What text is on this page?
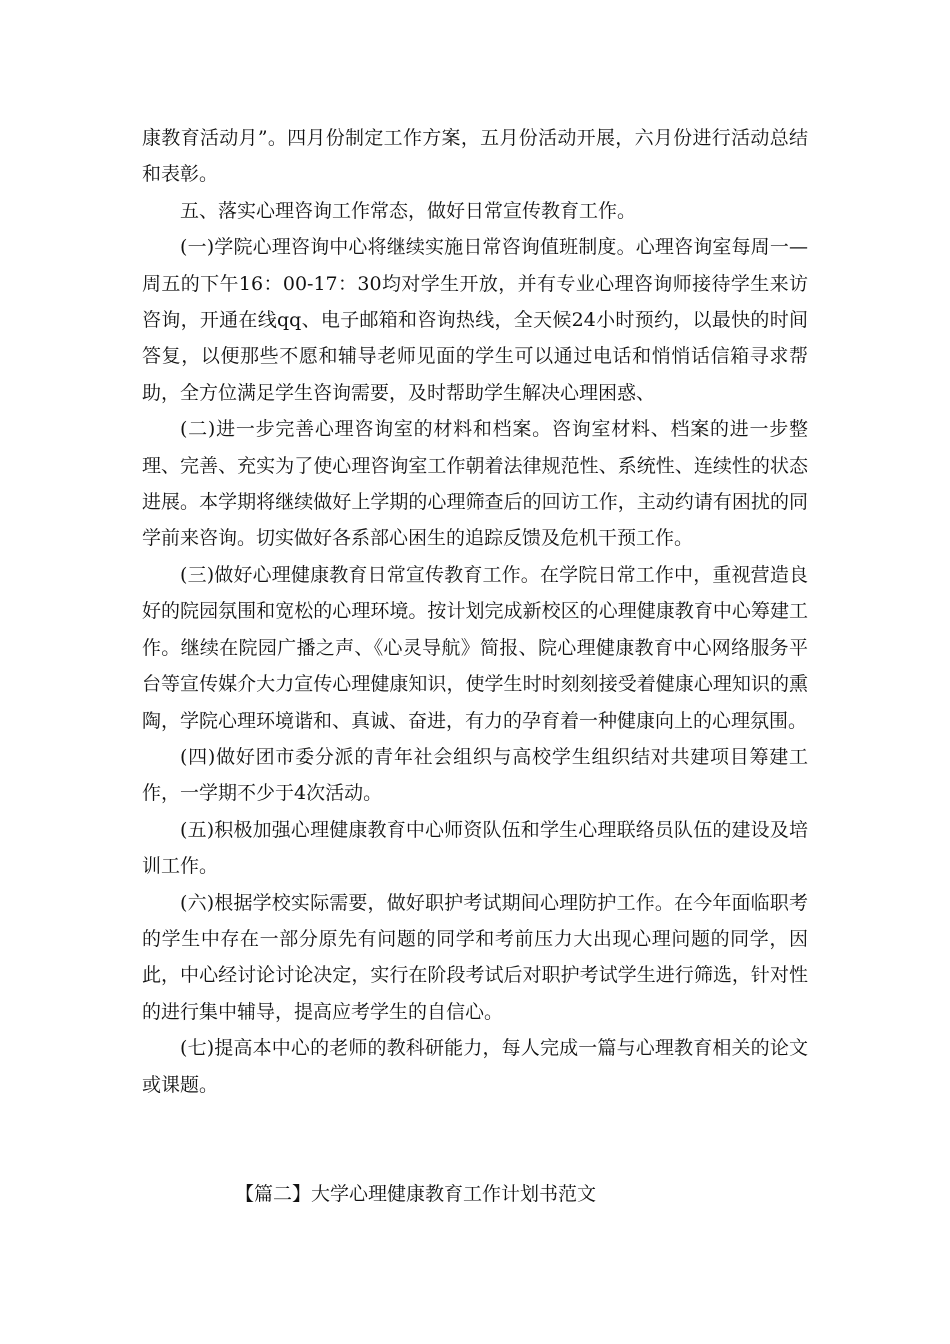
康教育活动月”。四月份制定工作方案，五月份活动开展，六月份进行活动总结和表彰。

五、落实心理咨询工作常态，做好日常宣传教育工作。

(一)学院心理咨询中心将继续实施日常咨询值班制度。心理咨询室每周一—周五的下午16：00-17：30均对学生开放，并有专业心理咨询师接待学生来访咨询，开通在线qq、电子邮箱和咨询热线，全天候24小时预约，以最快的时间答复，以便那些不愿和辅导老师见面的学生可以通过电话和悄悄话信箱寻求帮助，全方位满足学生咨询需要，及时帮助学生解决心理困惑、

(二)进一步完善心理咨询室的材料和档案。咨询室材料、档案的进一步整理、完善、充实为了使心理咨询室工作朝着法律规范性、系统性、连续性的状态进展。本学期将继续做好上学期的心理筛查后的回访工作，主动约请有困扰的同学前来咨询。切实做好各系部心困生的追踪反馈及危机干预工作。

(三)做好心理健康教育日常宣传教育工作。在学院日常工作中，重视营造良好的院园氛围和宽松的心理环境。按计划完成新校区的心理健康教育中心筹建工作。继续在院园广播之声、《心灵导航》简报、院心理健康教育中心网络服务平台等宣传媒介大力宣传心理健康知识，使学生时时刻刻接受着健康心理知识的熏陶，学院心理环境谐和、真诚、奋进，有力的孕育着一种健康向上的心理氛围。

(四)做好团市委分派的青年社会组织与高校学生组织结对共建项目筹建工作，一学期不少于4次活动。

(五)积极加强心理健康教育中心师资队伍和学生心理联络员队伍的建设及培训工作。

(六)根据学校实际需要，做好职护考试期间心理防护工作。在今年面临职考的学生中存在一部分原先有问题的同学和考前压力大出现心理问题的同学，因此，中心经讨论讨论决定，实行在阶段考试后对职护考试学生进行筛选，针对性的进行集中辅导，提高应考学生的自信心。

(七)提高本中心的老师的教科研能力，每人完成一篇与心理教育相关的论文或课题。

【篇二】大学心理健康教育工作计划书范文
